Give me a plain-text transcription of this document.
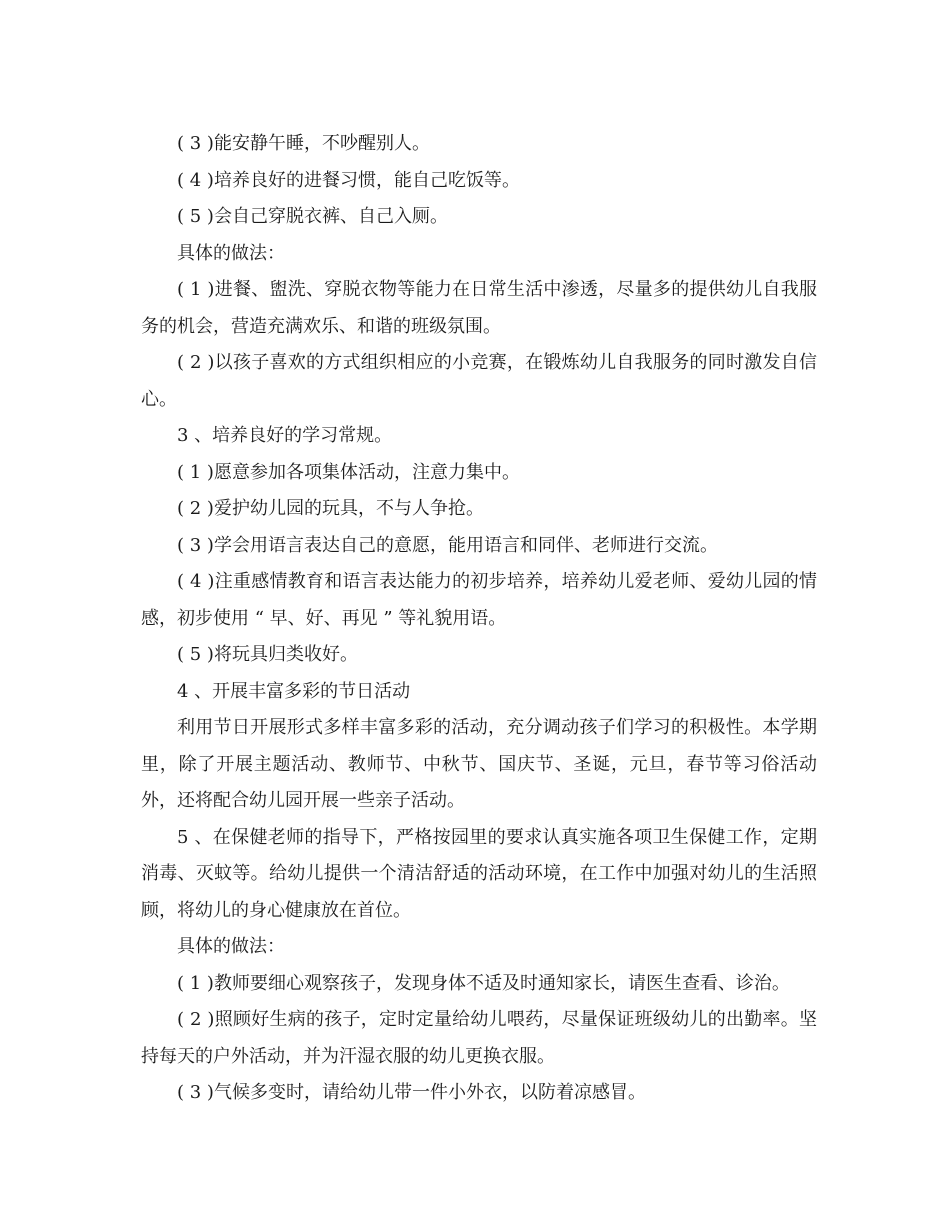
( 3 )能安静午睡，不吵醒别人。

( 4 )培养良好的进餐习惯，能自己吃饭等。

( 5 )会自己穿脱衣裤、自己入厕。

具体的做法：

( 1 )进餐、盥洗、穿脱衣物等能力在日常生活中渗透，尽量多的提供幼儿自我服务的机会，营造充满欢乐、和谐的班级氛围。

( 2 )以孩子喜欢的方式组织相应的小竞赛，在锻炼幼儿自我服务的同时激发自信心。

3 、培养良好的学习常规。

( 1 )愿意参加各项集体活动，注意力集中。

( 2 )爱护幼儿园的玩具，不与人争抢。

( 3 )学会用语言表达自己的意愿，能用语言和同伴、老师进行交流。

( 4 )注重感情教育和语言表达能力的初步培养，培养幼儿爱老师、爱幼儿园的情感，初步使用 “ 早、好、再见 ” 等礼貌用语。

( 5 )将玩具归类收好。

4 、开展丰富多彩的节日活动

利用节日开展形式多样丰富多彩的活动，充分调动孩子们学习的积极性。本学期里，除了开展主题活动、教师节、中秋节、国庆节、圣诞，元旦，春节等习俗活动外，还将配合幼儿园开展一些亲子活动。

5 、在保健老师的指导下，严格按园里的要求认真实施各项卫生保健工作，定期消毒、灭蚊等。给幼儿提供一个清洁舒适的活动环境，在工作中加强对幼儿的生活照顾，将幼儿的身心健康放在首位。

具体的做法：

( 1 )教师要细心观察孩子，发现身体不适及时通知家长，请医生查看、诊治。

( 2 )照顾好生病的孩子，定时定量给幼儿喂药，尽量保证班级幼儿的出勤率。坚持每天的户外活动，并为汗湿衣服的幼儿更换衣服。

( 3 )气候多变时，请给幼儿带一件小外衣，以防着凉感冒。
